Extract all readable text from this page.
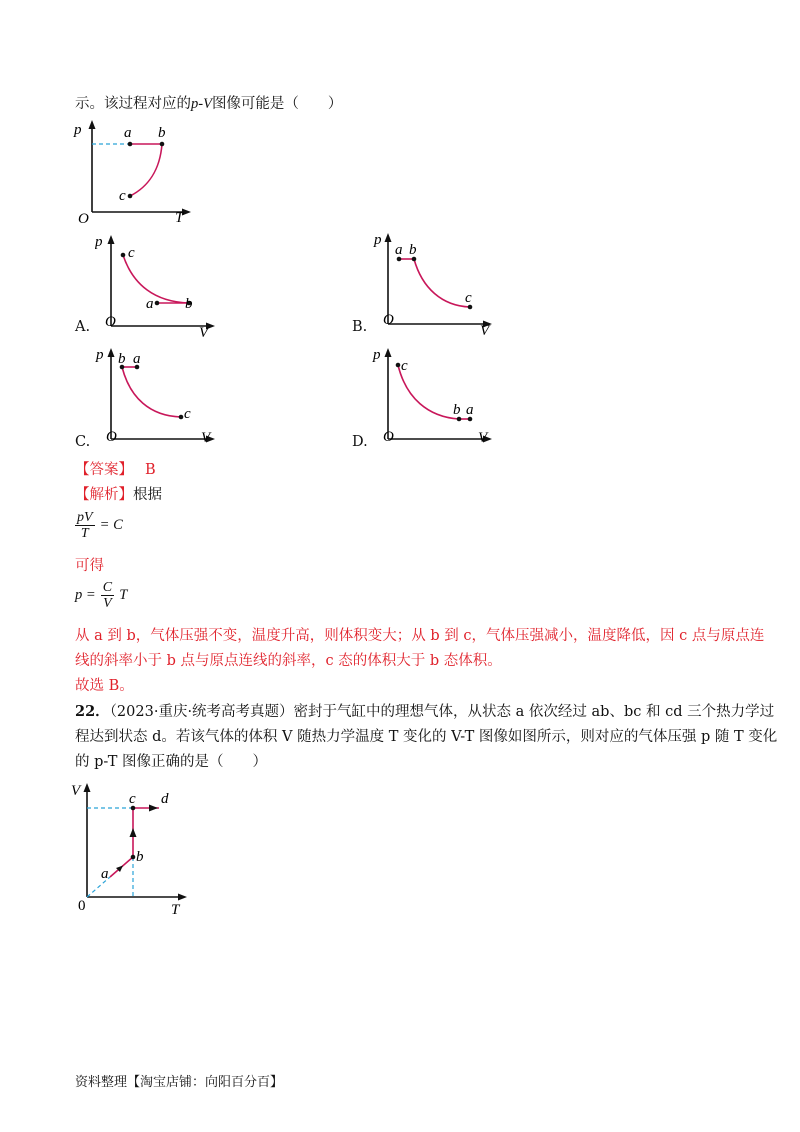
示。该过程对应的p-V图像可能是（　　）
p
T
O
a b
c
A.
p
V
O
c
a b
B.
p
V
O
a b
c
C.
p
V
O
b a
c
D.
p
V
O
c
b a
【答案】 B
【解析】根据
$\frac{pV}{T} = C$
可得
$p = \frac{C}{V}$ T
从 a 到 b，气体压强不变，温度升高，则体积变大；从 b 到 c，气体压强减小，温度降低，因 c 点与原点连
线的斜率小于 b 点与原点连线的斜率，c 态的体积大于 b 态体积。
故选 B。
22．（2023·重庆·统考高考真题）密封于气缸中的理想气体，从状态 a 依次经过 ab、bc 和 cd 三个热力学过
程达到状态 d。若该气体的体积 V 随热力学温度 T 变化的 V-T 图像如图所示，则对应的气体压强 p 随 T 变化
的 p-T 图像正确的是（　　）
V
T
0
a
b
c d
资料整理【淘宝店铺：向阳百分百】
